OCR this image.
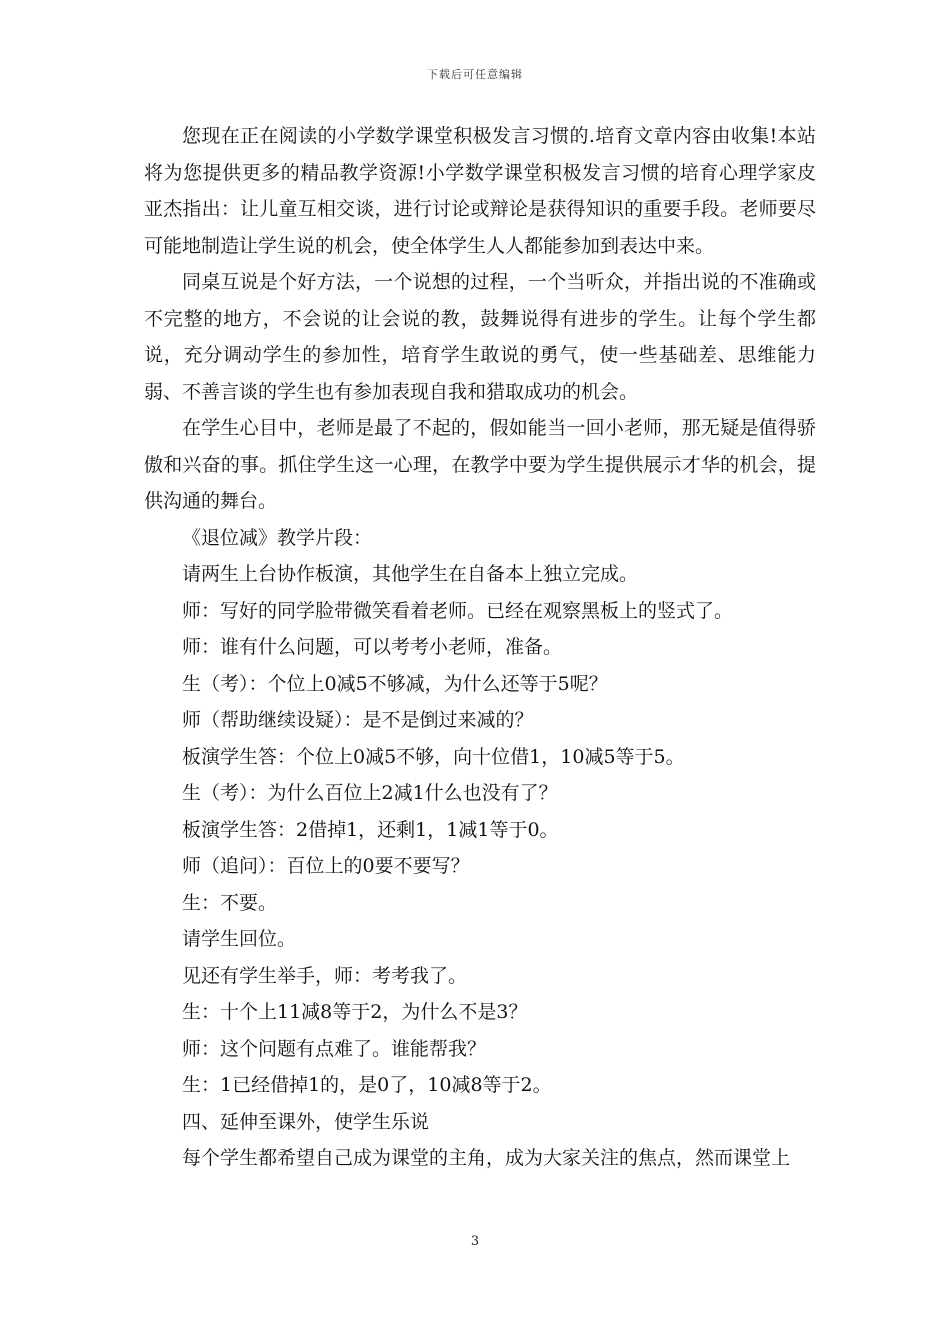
下载后可任意编辑

您现在正在阅读的小学数学课堂积极发言习惯的.培育文章内容由收集!本站将为您提供更多的精品教学资源!小学数学课堂积极发言习惯的培育心理学家皮亚杰指出：让儿童互相交谈，进行讨论或辩论是获得知识的重要手段。老师要尽可能地制造让学生说的机会，使全体学生人人都能参加到表达中来。

同桌互说是个好方法，一个说想的过程，一个当听众，并指出说的不准确或不完整的地方，不会说的让会说的教，鼓舞说得有进步的学生。让每个学生都说，充分调动学生的参加性，培育学生敢说的勇气，使一些基础差、思维能力弱、不善言谈的学生也有参加表现自我和猎取成功的机会。

在学生心目中，老师是最了不起的，假如能当一回小老师，那无疑是值得骄傲和兴奋的事。抓住学生这一心理，在教学中要为学生提供展示才华的机会，提供沟通的舞台。

《退位减》教学片段：

请两生上台协作板演，其他学生在自备本上独立完成。

师：写好的同学脸带微笑看着老师。已经在观察黑板上的竖式了。

师：谁有什么问题，可以考考小老师，准备。

生（考）：个位上0减5不够减，为什么还等于5呢？

师（帮助继续设疑）：是不是倒过来减的？

板演学生答：个位上0减5不够，向十位借1，10减5等于5。

生（考）：为什么百位上2减1什么也没有了？

板演学生答：2借掉1，还剩1，1减1等于0。

师（追问）：百位上的0要不要写？

生：不要。

请学生回位。

见还有学生举手，师：考考我了。

生：十个上11减8等于2，为什么不是3？

师：这个问题有点难了。谁能帮我？

生：1已经借掉1的，是0了，10减8等于2。

四、延伸至课外，使学生乐说

每个学生都希望自己成为课堂的主角，成为大家关注的焦点，然而课堂上

3
